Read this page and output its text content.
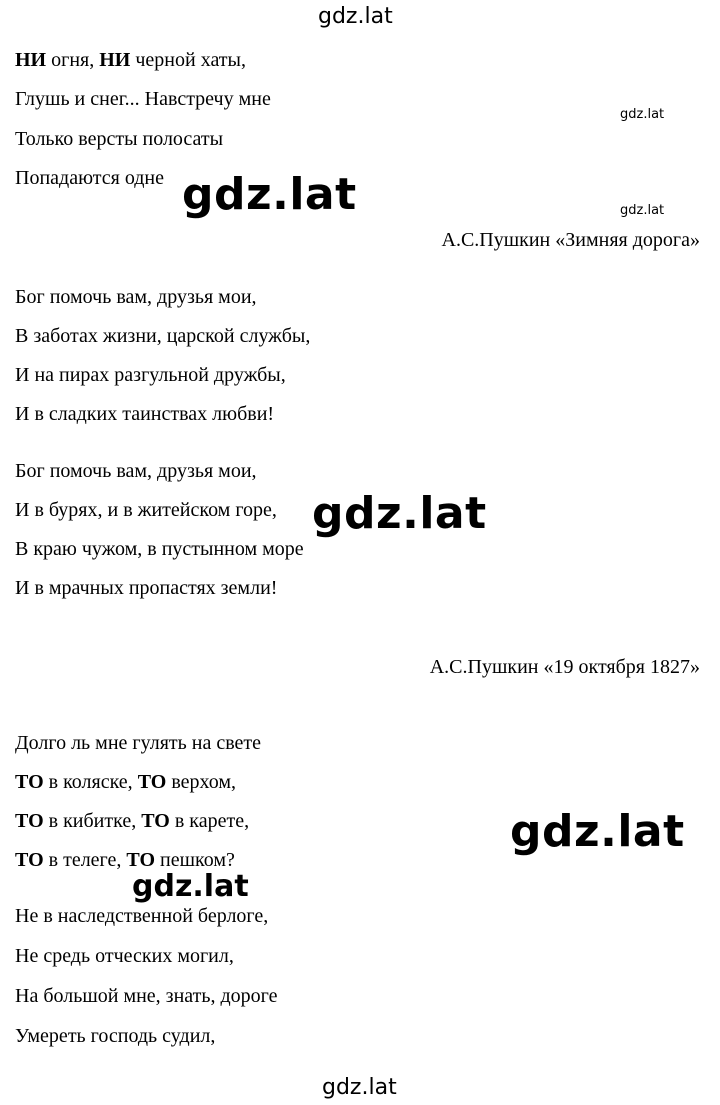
gdz.lat
НИ огня, НИ черной хаты,
Глушь и снег... Навстречу мне
Только версты полосаты
Попадаются одне
gdz.lat
gdz.lat	gdz.lat
А.С.Пушкин «Зимняя дорога»
Бог помочь вам, друзья мои,
В заботах жизни, царской службы,
И на пирах разгульной дружбы,
И в сладких таинствах любви!
Бог помочь вам, друзья мои,
И в бурях, и в житейском горе,
В краю чужом, в пустынном море
И в мрачных пропастях земли!
gdz.lat
А.С.Пушкин «19 октября 1827»
Долго ль мне гулять на свете
ТО в коляске, ТО верхом,
ТО в кибитке, ТО в карете,
ТО в телеге, ТО пешком?
gdz.lat
gdz.lat
Не в наследственной берлоге,
Не средь отческих могил,
На большой мне, знать, дороге
Умереть господь судил,
gdz.lat
